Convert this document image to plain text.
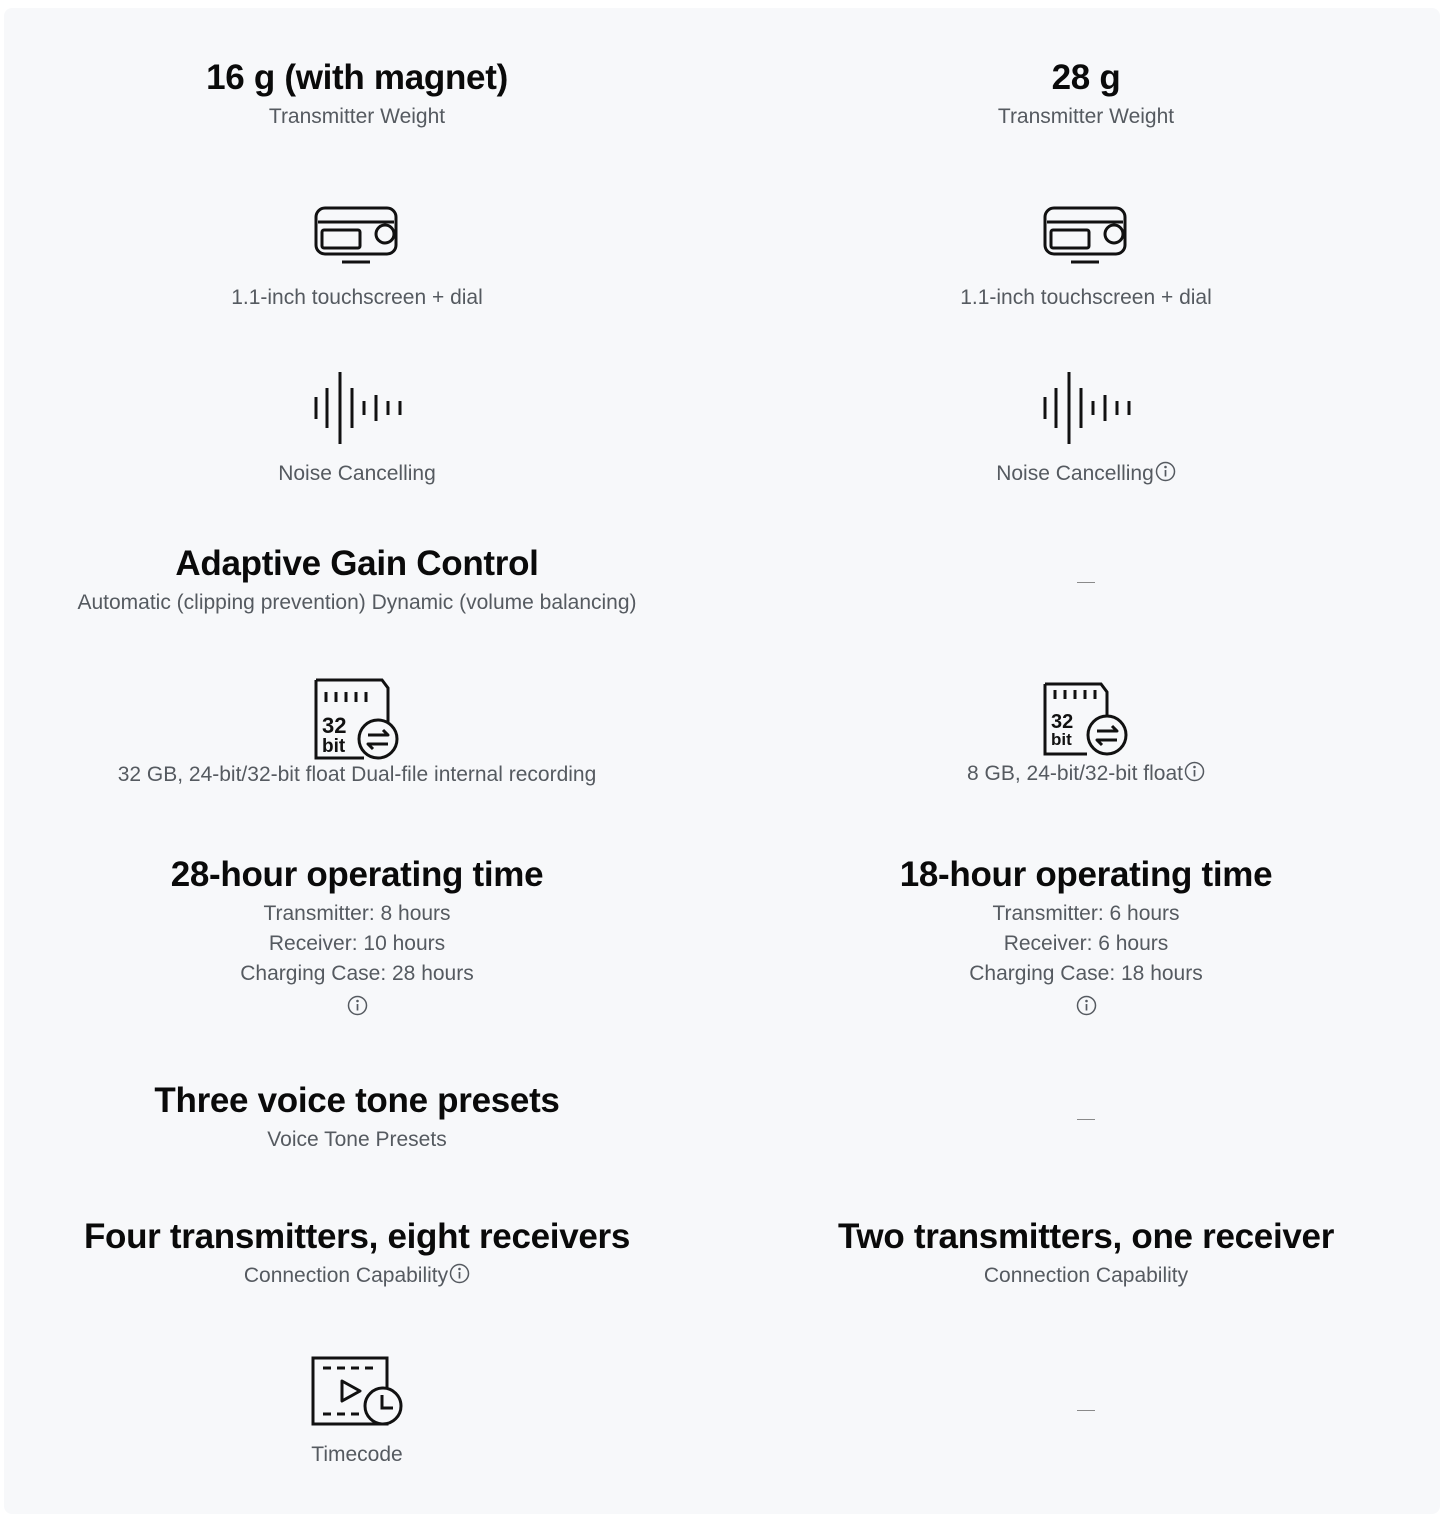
16 g (with magnet)
Transmitter Weight
28 g
Transmitter Weight
1.1-inch touchscreen + dial	1.1-inch touchscreen + dial
Noise Cancelling	Noise Cancelling
Adaptive Gain Control
Automatic (clipping prevention) Dynamic (volume balancing)
32
bit
32 GB, 24-bit/32-bit float Dual-file internal recording
32
bit
8 GB, 24-bit/32-bit float
28-hour operating time
Transmitter: 8 hours
Receiver: 10 hours
Charging Case: 28 hours
18-hour operating time
Transmitter: 6 hours
Receiver: 6 hours
Charging Case: 18 hours
Three voice tone presets
Voice Tone Presets
Four transmitters, eight receivers
Connection Capability
Two transmitters, one receiver
Connection Capability
Timecode
